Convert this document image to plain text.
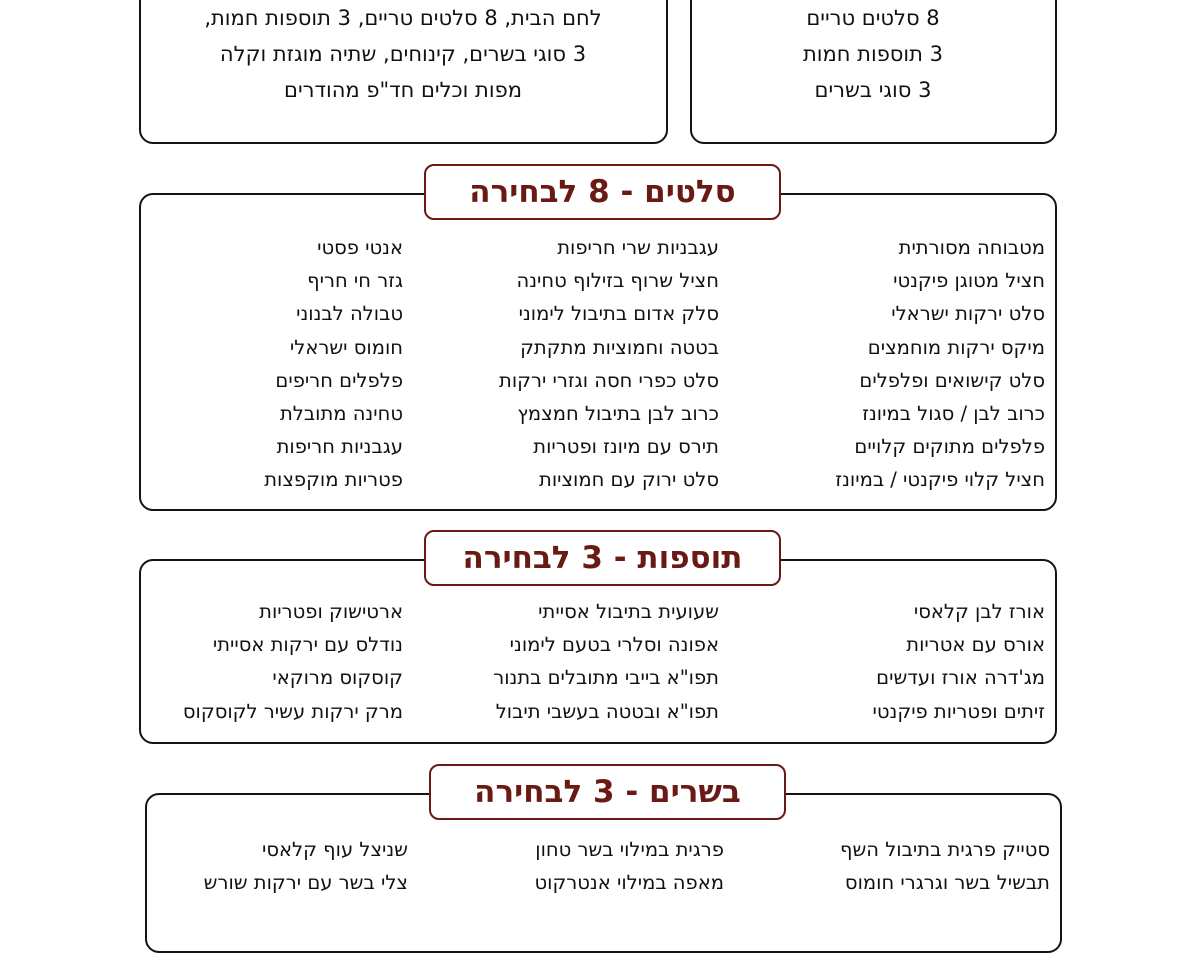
8 סלטים טריים
3 תוספות חמות
3 סוגי בשרים
לחם הבית, 8 סלטים טריים, 3 תוספות חמות,
3 סוגי בשרים, קינוחים, שתיה מוגזת וקלה
מפות וכלים חד"פ מהודרים
מטבוחה מסורתית
חציל מטוגן פיקנטי
סלט ירקות ישראלי
מיקס ירקות מוחמצים
סלט קישואים ופלפלים
כרוב לבן / סגול במיונז
פלפלים מתוקים קלויים
חציל קלוי פיקנטי / במיונז
עגבניות שרי חריפות
חציל שרוף בזילוף טחינה
סלק אדום בתיבול לימוני
בטטה וחמוציות מתקתק
סלט כפרי חסה וגזרי ירקות
כרוב לבן בתיבול חמצמץ
תירס עם מיונז ופטריות
סלט ירוק עם חמוציות
אנטי פסטי
גזר חי חריף
טבולה לבנוני
חומוס ישראלי
פלפלים חריפים
טחינה מתובלת
עגבניות חריפות
פטריות מוקפצות
סלטים - 8 לבחירה
אורז לבן קלאסי
אורס עם אטריות
מג'דרה אורז ועדשים
זיתים ופטריות פיקנטי
שעועית בתיבול אסייתי
אפונה וסלרי בטעם לימוני
תפו"א בייבי מתובלים בתנור
תפו"א ובטטה בעשבי תיבול
ארטישוק ופטריות
נודלס עם ירקות אסייתי
קוסקוס מרוקאי
מרק ירקות עשיר לקוסקוס
תוספות - 3 לבחירה
סטייק פרגית בתיבול השף
תבשיל בשר וגרגרי חומוס
פרגית במילוי בשר טחון
מאפה במילוי אנטרקוט
שניצל עוף קלאסי
צלי בשר עם ירקות שורש
בשרים - 3 לבחירה
